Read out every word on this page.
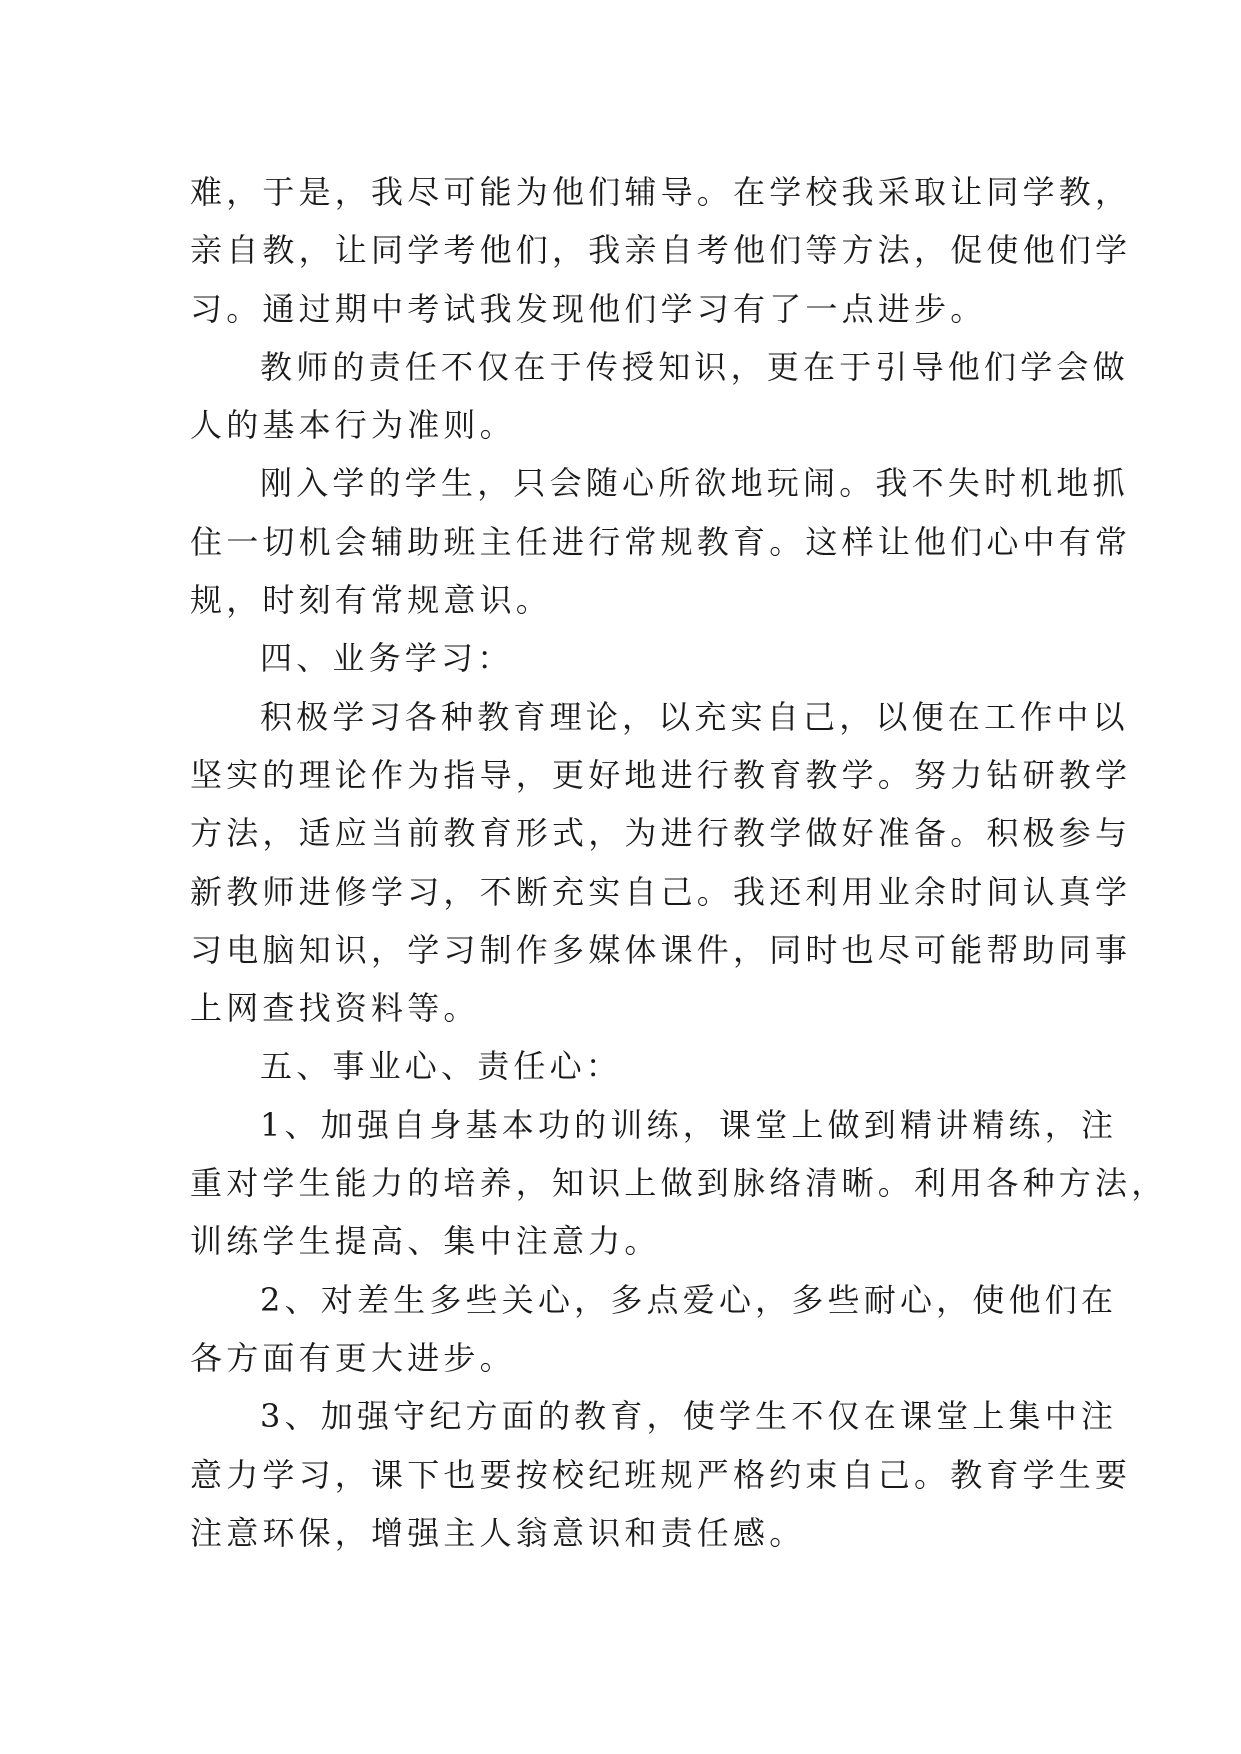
难，于是，我尽可能为他们辅导。在学校我采取让同学教，
亲自教，让同学考他们，我亲自考他们等方法，促使他们学
习。通过期中考试我发现他们学习有了一点进步。
教师的责任不仅在于传授知识，更在于引导他们学会做
人的基本行为准则。
刚入学的学生，只会随心所欲地玩闹。我不失时机地抓
住一切机会辅助班主任进行常规教育。这样让他们心中有常
规，时刻有常规意识。
四、业务学习：
积极学习各种教育理论，以充实自己，以便在工作中以
坚实的理论作为指导，更好地进行教育教学。努力钻研教学
方法，适应当前教育形式，为进行教学做好准备。积极参与
新教师进修学习，不断充实自己。我还利用业余时间认真学
习电脑知识，学习制作多媒体课件，同时也尽可能帮助同事
上网查找资料等。
五、事业心、责任心：
1、加强自身基本功的训练，课堂上做到精讲精练，注
重对学生能力的培养，知识上做到脉络清晰。利用各种方法，
训练学生提高、集中注意力。
2、对差生多些关心，多点爱心，多些耐心，使他们在
各方面有更大进步。
3、加强守纪方面的教育，使学生不仅在课堂上集中注
意力学习，课下也要按校纪班规严格约束自己。教育学生要
注意环保，增强主人翁意识和责任感。
